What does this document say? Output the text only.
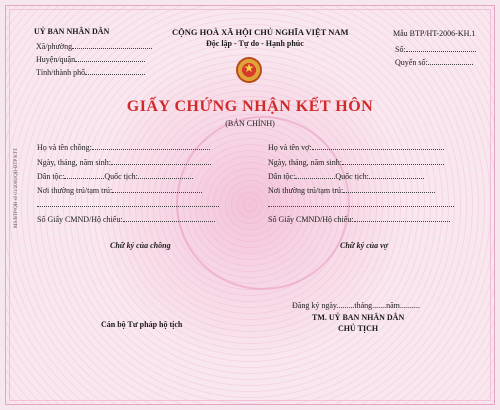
UỶ BAN NHÂN DÂN
Xã/phường
Huyện/quận
Tỉnh/thành phố
CỘNG HOÀ XÃ HỘI CHỦ NGHĨA VIỆT NAM
Độc lập - Tự do - Hạnh phúc
★
Mẫu BTP/HT-2006-KH.1
Số:
Quyển số:
GIẤY CHỨNG NHẬN KẾT HÔN
(BẢN CHÍNH)
Họ và tên chồng:
Ngày, tháng, năm sinh:
Dân tộc:	Quốc tịch:
Nơi thường trú/tạm trú:
Số Giấy CMND/Hộ chiếu:
Chữ ký của chồng
Họ và tên vợ:
Ngày, tháng, năm sinh:
Dân tộc:	Quốc tịch:
Nơi thường trú/tạm trú:
Số Giấy CMND/Hộ chiếu:
Chữ ký của vợ
Đăng ký ngày.........tháng.......năm..........
TM. UỶ BAN NHÂN DÂN
CHỦ TỊCH
Cán bộ Tư pháp hộ tịch
MS/BTP/QĐ số 01/2006/QĐ-BTP KTT
